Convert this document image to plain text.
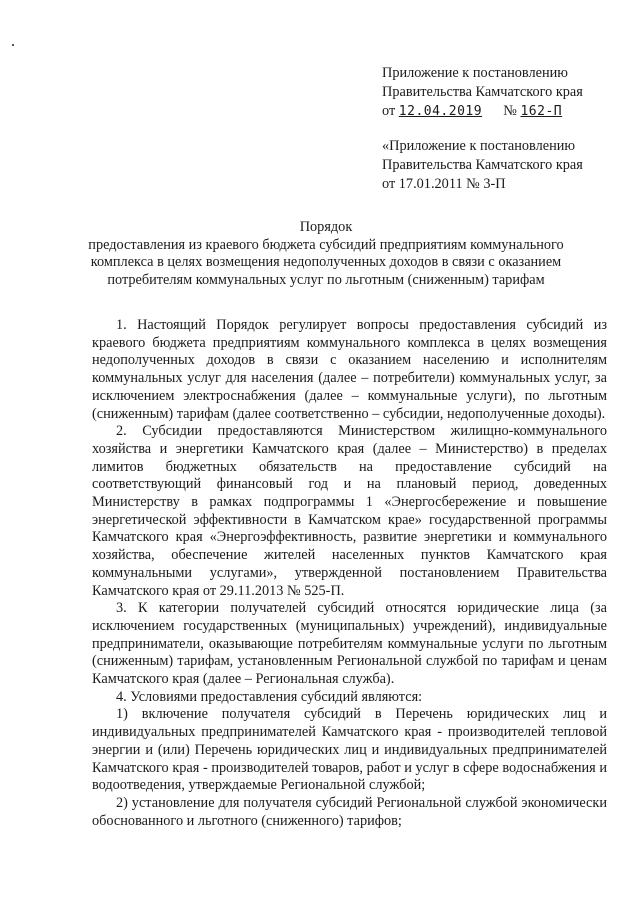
Приложение к постановлению
Правительства Камчатского края
от 12.04.2019 № 162-П
«Приложение к постановлению
Правительства Камчатского края
от 17.01.2011 № 3-П
Порядок
предоставления из краевого бюджета субсидий предприятиям коммунального комплекса в целях возмещения недополученных доходов в связи с оказанием потребителям коммунальных услуг по льготным (сниженным) тарифам

1. Настоящий Порядок регулирует вопросы предоставления субсидий из краевого бюджета предприятиям коммунального комплекса в целях возмещения недополученных доходов в связи с оказанием населению и исполнителям коммунальных услуг для населения (далее – потребители) коммунальных услуг, за исключением электроснабжения (далее – коммунальные услуги), по льготным (сниженным) тарифам (далее соответственно – субсидии, недополученные доходы).

2. Субсидии предоставляются Министерством жилищно-коммунального хозяйства и энергетики Камчатского края (далее – Министерство) в пределах лимитов бюджетных обязательств на предоставление субсидий на соответствующий финансовый год и на плановый период, доведенных Министерству в рамках подпрограммы 1 «Энергосбережение и повышение энергетической эффективности в Камчатском крае» государственной программы Камчатского края «Энергоэффективность, развитие энергетики и коммунального хозяйства, обеспечение жителей населенных пунктов Камчатского края коммунальными услугами», утвержденной постановлением Правительства Камчатского края от 29.11.2013 № 525-П.

3. К категории получателей субсидий относятся юридические лица (за исключением государственных (муниципальных) учреждений), индивидуальные предприниматели, оказывающие потребителям коммунальные услуги по льготным (сниженным) тарифам, установленным Региональной службой по тарифам и ценам Камчатского края (далее – Региональная служба).

4. Условиями предоставления субсидий являются:

1) включение получателя субсидий в Перечень юридических лиц и индивидуальных предпринимателей Камчатского края - производителей тепловой энергии и (или) Перечень юридических лиц и индивидуальных предпринимателей Камчатского края - производителей товаров, работ и услуг в сфере водоснабжения и водоотведения, утверждаемые Региональной службой;

2) установление для получателя субсидий Региональной службой экономически обоснованного и льготного (сниженного) тарифов;
